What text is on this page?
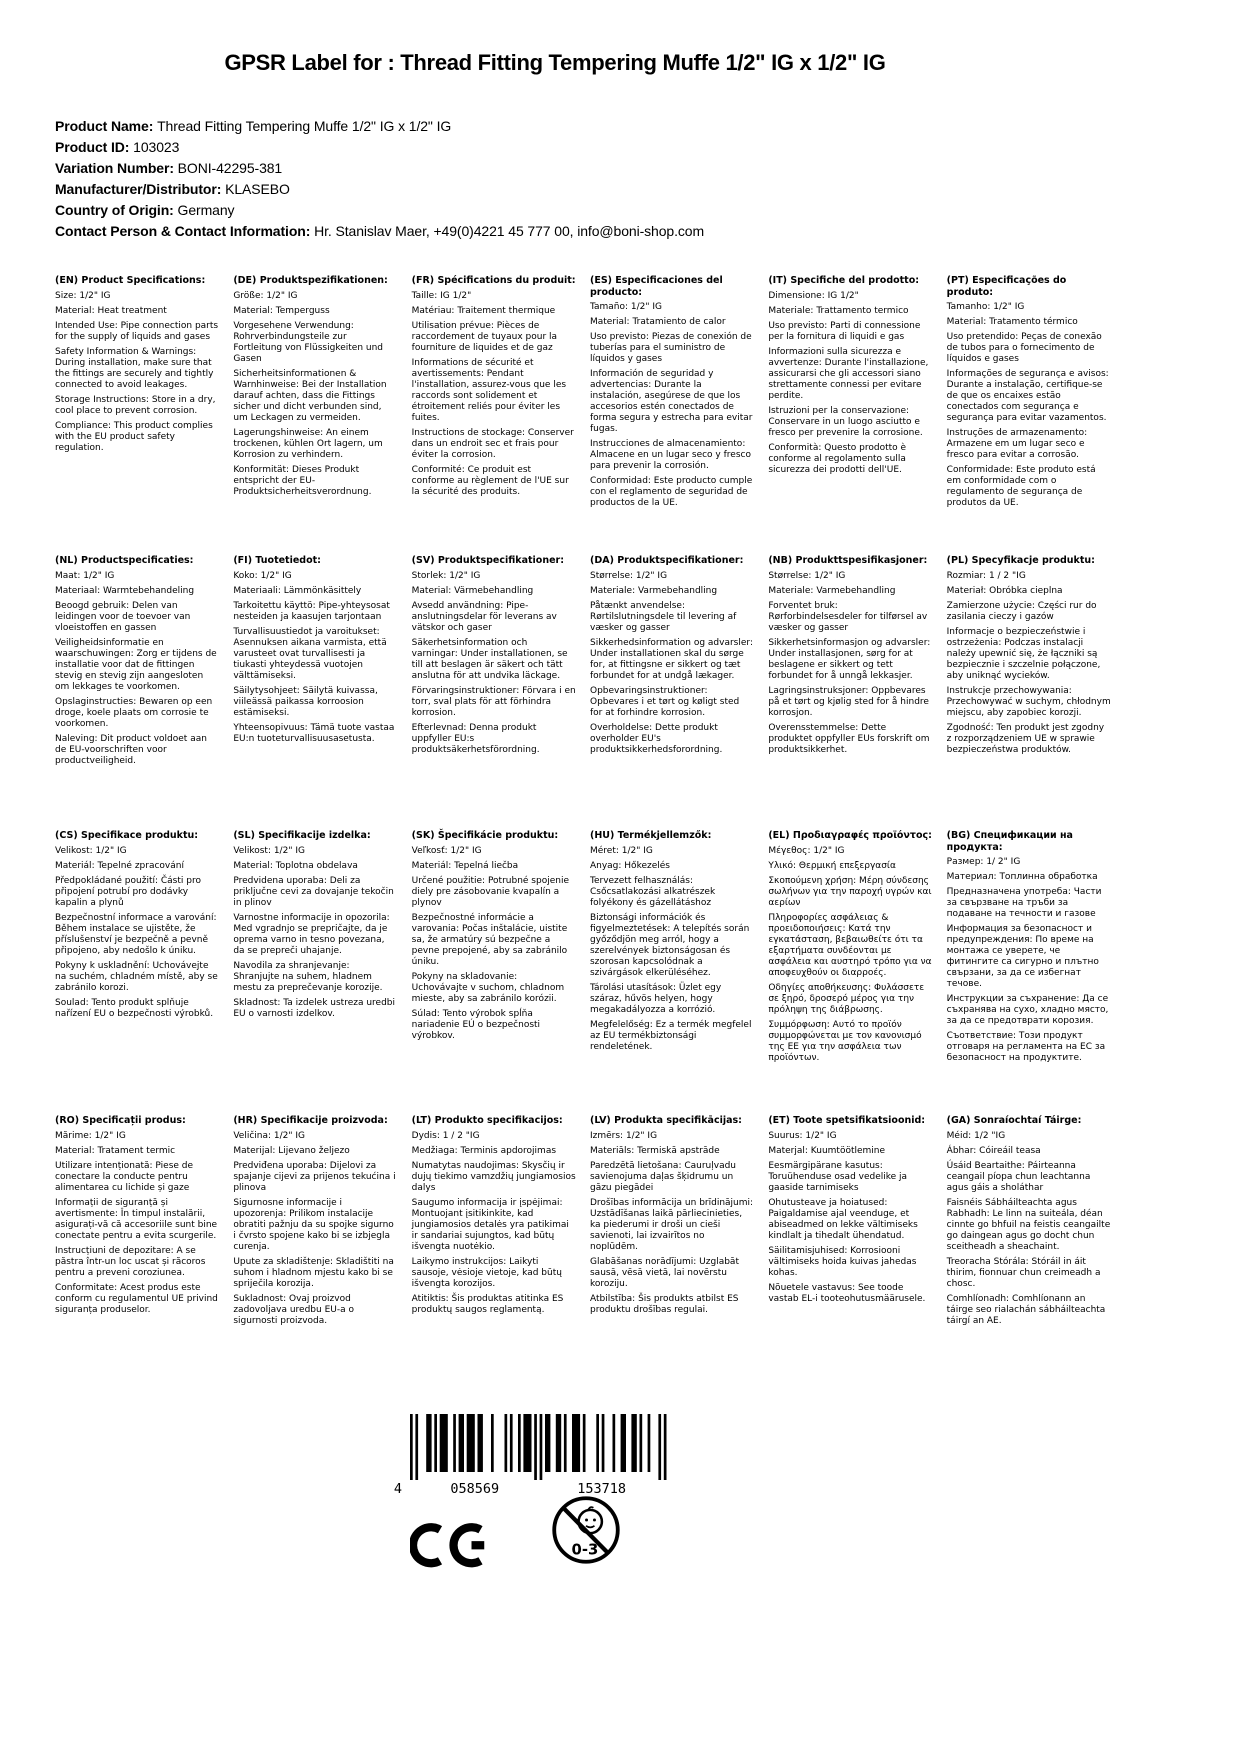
GPSR Label for : Thread Fitting Tempering Muffe 1/2" IG x 1/2" IG
Product Name: Thread Fitting Tempering Muffe 1/2" IG x 1/2" IG
Product ID: 103023
Variation Number: BONI-42295-381
Manufacturer/Distributor: KLASEBO
Country of Origin: Germany
Contact Person & Contact Information: Hr. Stanislav Maer, +49(0)4221 45 777 00, info@boni-shop.com
(EN) Product Specifications:
Size: 1/2" IG
Material: Heat treatment
Intended Use: Pipe connection parts for the supply of liquids and gases
Safety Information & Warnings: During installation, make sure that the fittings are securely and tightly connected to avoid leakages.
Storage Instructions: Store in a dry, cool place to prevent corrosion.
Compliance: This product complies with the EU product safety regulation.
(DE) Produktspezifikationen:
Größe: 1/2" IG
Material: Temperguss
Vorgesehene Verwendung: Rohrverbindungsteile zur Fortleitung von Flüssigkeiten und Gasen
Sicherheitsinformationen & Warnhinweise: Bei der Installation darauf achten, dass die Fittings sicher und dicht verbunden sind, um Leckagen zu vermeiden.
Lagerungshinweise: An einem trockenen, kühlen Ort lagern, um Korrosion zu verhindern.
Konformität: Dieses Produkt entspricht der EU-Produktsicherheitsverordnung.
(FR) Spécifications du produit:
Taille: IG 1/2"
Matériau: Traitement thermique
Utilisation prévue: Pièces de raccordement de tuyaux pour la fourniture de liquides et de gaz
Informations de sécurité et avertissements: Pendant l'installation, assurez-vous que les raccords sont solidement et étroitement reliés pour éviter les fuites.
Instructions de stockage: Conserver dans un endroit sec et frais pour éviter la corrosion.
Conformité: Ce produit est conforme au règlement de l'UE sur la sécurité des produits.
(ES) Especificaciones del producto:
Tamaño: 1/2" IG
Material: Tratamiento de calor
Uso previsto: Piezas de conexión de tuberías para el suministro de líquidos y gases
Información de seguridad y advertencias: Durante la instalación, asegúrese de que los accesorios estén conectados de forma segura y estrecha para evitar fugas.
Instrucciones de almacenamiento: Almacene en un lugar seco y fresco para prevenir la corrosión.
Conformidad: Este producto cumple con el reglamento de seguridad de productos de la UE.
(IT) Specifiche del prodotto:
Dimensione: IG 1/2"
Materiale: Trattamento termico
Uso previsto: Parti di connessione per la fornitura di liquidi e gas
Informazioni sulla sicurezza e avvertenze: Durante l'installazione, assicurarsi che gli accessori siano strettamente connessi per evitare perdite.
Istruzioni per la conservazione: Conservare in un luogo asciutto e fresco per prevenire la corrosione.
Conformità: Questo prodotto è conforme al regolamento sulla sicurezza dei prodotti dell'UE.
(PT) Especificações do produto:
Tamanho: 1/2" IG
Material: Tratamento térmico
Uso pretendido: Peças de conexão de tubos para o fornecimento de líquidos e gases
Informações de segurança e avisos: Durante a instalação, certifique-se de que os encaixes estão conectados com segurança e segurança para evitar vazamentos.
Instruções de armazenamento: Armazene em um lugar seco e fresco para evitar a corrosão.
Conformidade: Este produto está em conformidade com o regulamento de segurança de produtos da UE.
(NL) Productspecificaties:
Maat: 1/2" IG
Materiaal: Warmtebehandeling
Beoogd gebruik: Delen van leidingen voor de toevoer van vloeistoffen en gassen
Veiligheidsinformatie en waarschuwingen: Zorg er tijdens de installatie voor dat de fittingen stevig en stevig zijn aangesloten om lekkages te voorkomen.
Opslaginstructies: Bewaren op een droge, koele plaats om corrosie te voorkomen.
Naleving: Dit product voldoet aan de EU-voorschriften voor productveiligheid.
(FI) Tuotetiedot:
Koko: 1/2" IG
Materiaali: Lämmönkäsittely
Tarkoitettu käyttö: Pipe-yhteysosat nesteiden ja kaasujen tarjontaan
Turvallisuustiedot ja varoitukset: Asennuksen aikana varmista, että varusteet ovat turvallisesti ja tiukasti yhteydessä vuotojen välttämiseksi.
Säilytysohjeet: Säilytä kuivassa, viileässä paikassa korroosion estämiseksi.
Yhteensopivuus: Tämä tuote vastaa EU:n tuoteturvallisuusasetusta.
(SV) Produktspecifikationer:
Storlek: 1/2" IG
Material: Värmebehandling
Avsedd användning: Pipe-anslutningsdelar för leverans av vätskor och gaser
Säkerhetsinformation och varningar: Under installationen, se till att beslagen är säkert och tätt anslutna för att undvika läckage.
Förvaringsinstruktioner: Förvara i en torr, sval plats för att förhindra korrosion.
Efterlevnad: Denna produkt uppfyller EU:s produktsäkerhetsförordning.
(DA) Produktspecifikationer:
Størrelse: 1/2" IG
Materiale: Varmebehandling
Påtænkt anvendelse: Rørtilslutningsdele til levering af væsker og gasser
Sikkerhedsinformation og advarsler: Under installationen skal du sørge for, at fittingsne er sikkert og tæt forbundet for at undgå lækager.
Opbevaringsinstruktioner: Opbevares i et tørt og køligt sted for at forhindre korrosion.
Overholdelse: Dette produkt overholder EU's produktsikkerhedsforordning.
(NB) Produkttspesifikasjoner:
Størrelse: 1/2" IG
Materiale: Varmebehandling
Forventet bruk: Rørforbindelsesdeler for tilførsel av væsker og gasser
Sikkerhetsinformasjon og advarsler: Under installasjonen, sørg for at beslagene er sikkert og tett forbundet for å unngå lekkasjer.
Lagringsinstruksjoner: Oppbevares på et tørt og kjølig sted for å hindre korrosjon.
Overensstemmelse: Dette produktet oppfyller EUs forskrift om produktsikkerhet.
(PL) Specyfikacje produktu:
Rozmiar: 1 / 2 "IG
Materiał: Obróbka cieplna
Zamierzone użycie: Części rur do zasilania cieczy i gazów
Informacje o bezpieczeństwie i ostrzeżenia: Podczas instalacji należy upewnić się, że łączniki są bezpiecznie i szczelnie połączone, aby uniknąć wycieków.
Instrukcje przechowywania: Przechowywać w suchym, chłodnym miejscu, aby zapobiec korozji.
Zgodność: Ten produkt jest zgodny z rozporządzeniem UE w sprawie bezpieczeństwa produktów.
(CS) Specifikace produktu:
Velikost: 1/2" IG
Materiál: Tepelné zpracování
Předpokládané použití: Části pro připojení potrubí pro dodávky kapalin a plynů
Bezpečnostní informace a varování: Během instalace se ujistěte, že příslušenství je bezpečně a pevně připojeno, aby nedošlo k úniku.
Pokyny k uskladnění: Uchovávejte na suchém, chladném místě, aby se zabránilo korozi.
Soulad: Tento produkt splňuje nařízení EU o bezpečnosti výrobků.
(SL) Specifikacije izdelka:
Velikost: 1/2" IG
Material: Toplotna obdelava
Predvidena uporaba: Deli za priključne cevi za dovajanje tekočin in plinov
Varnostne informacije in opozorila: Med vgradnjo se prepričajte, da je oprema varno in tesno povezana, da se prepreči uhajanje.
Navodila za shranjevanje: Shranjujte na suhem, hladnem mestu za preprečevanje korozije.
Skladnost: Ta izdelek ustreza uredbi EU o varnosti izdelkov.
(SK) Špecifikácie produktu:
Veľkosť: 1/2" IG
Materiál: Tepelná liečba
Určené použitie: Potrubné spojenie diely pre zásobovanie kvapalín a plynov
Bezpečnostné informácie a varovania: Počas inštalácie, uistite sa, že armatúry sú bezpečne a pevne prepojené, aby sa zabránilo úniku.
Pokyny na skladovanie: Uchovávajte v suchom, chladnom mieste, aby sa zabránilo korózii.
Súlad: Tento výrobok spĺňa nariadenie EÚ o bezpečnosti výrobkov.
(HU) Termékjellemzők:
Méret: 1/2" IG
Anyag: Hőkezelés
Tervezett felhasználás: Csőcsatlakozási alkatrészek folyékony és gázellátáshoz
Biztonsági információk és figyelmeztetések: A telepítés során győződjön meg arról, hogy a szerelvények biztonságosan és szorosan kapcsolódnak a szivárgások elkerüléséhez.
Tárolási utasítások: Üzlet egy száraz, hűvös helyen, hogy megakadályozza a korrózió.
Megfelelőség: Ez a termék megfelel az EU termékbiztonsági rendeletének.
(EL) Προδιαγραφές προϊόντος:
Μέγεθος: 1/2" IG
Υλικό: Θερμική επεξεργασία
Σκοπούμενη χρήση: Μέρη σύνδεσης σωλήνων για την παροχή υγρών και αερίων
Πληροφορίες ασφάλειας & προειδοποιήσεις: Κατά την εγκατάσταση, βεβαιωθείτε ότι τα εξαρτήματα συνδέονται με ασφάλεια και αυστηρό τρόπο για να αποφευχθούν οι διαρροές.
Οδηγίες αποθήκευσης: Φυλάσσετε σε ξηρό, δροσερό μέρος για την πρόληψη της διάβρωσης.
Συμμόρφωση: Αυτό το προϊόν συμμορφώνεται με τον κανονισμό της ΕΕ για την ασφάλεια των προϊόντων.
(BG) Спецификации на продукта:
Размер: 1/ 2" IG
Материал: Топлинна обработка
Предназначена употреба: Части за свързване на тръби за подаване на течности и газове
Информация за безопасност и предупреждения: По време на монтажа се уверете, че фитингите са сигурно и плътно свързани, за да се избегнат течове.
Инструкции за съхранение: Да се съхранява на сухо, хладно място, за да се предотврати корозия.
Съответствие: Този продукт отговаря на регламента на ЕС за безопасност на продуктите.
(RO) Specificații produs:
Mărime: 1/2" IG
Material: Tratament termic
Utilizare intenționată: Piese de conectare la conducte pentru alimentarea cu lichide și gaze
Informații de siguranță și avertismente: În timpul instalării, asigurați-vă că accesoriile sunt bine conectate pentru a evita scurgerile.
Instrucțiuni de depozitare: A se păstra într-un loc uscat și răcoros pentru a preveni coroziunea.
Conformitate: Acest produs este conform cu regulamentul UE privind siguranța produselor.
(HR) Specifikacije proizvoda:
Veličina: 1/2" IG
Materijal: Lijevano željezo
Predviđena uporaba: Dijelovi za spajanje cijevi za prijenos tekućina i plinova
Sigurnosne informacije i upozorenja: Prilikom instalacije obratiti pažnju da su spojke sigurno i čvrsto spojene kako bi se izbjegla curenja.
Upute za skladištenje: Skladištiti na suhom i hladnom mjestu kako bi se spriječila korozija.
Sukladnost: Ovaj proizvod zadovoljava uredbu EU-a o sigurnosti proizvoda.
(LT) Produkto specifikacijos:
Dydis: 1 / 2 "IG
Medžiaga: Terminis apdorojimas
Numatytas naudojimas: Skysčių ir dujų tiekimo vamzdžių jungiamosios dalys
Saugumo informacija ir įspėjimai: Montuojant įsitikinkite, kad jungiamosios detalės yra patikimai ir sandariai sujungtos, kad būtų išvengta nuotėkio.
Laikymo instrukcijos: Laikyti sausoje, vėsioje vietoje, kad būtų išvengta korozijos.
Atitiktis: Šis produktas atitinka ES produktų saugos reglamentą.
(LV) Produkta specifikācijas:
Izmērs: 1/2" IG
Materiāls: Termiskā apstrāde
Paredzētā lietošana: Cauruļvadu savienojuma daļas šķidrumu un gāzu piegādei
Drošības informācija un brīdinājumi: Uzstādīšanas laikā pārliecinieties, ka piederumi ir droši un cieši savienoti, lai izvairītos no noplūdēm.
Glabāšanas norādījumi: Uzglabāt sausā, vēsā vietā, lai novērstu koroziju.
Atbilstība: Šis produkts atbilst ES produktu drošības regulai.
(ET) Toote spetsifikatsioonid:
Suurus: 1/2" IG
Materjal: Kuumtöötlemine
Eesmärgipärane kasutus: Toruühenduse osad vedelike ja gaaside tarnimiseks
Ohutusteave ja hoiatused: Paigaldamise ajal veenduge, et abiseadmed on lekke vältimiseks kindlalt ja tihedalt ühendatud.
Säilitamisjuhised: Korrosiooni vältimiseks hoida kuivas jahedas kohas.
Nõuetele vastavus: See toode vastab EL-i tooteohutusmäärusele.
(GA) Sonraíochtaí Táirge:
Méid: 1/2 "IG
Ábhar: Cóireáil teasa
Úsáid Beartaithe: Páirteanna ceangail píopa chun leachtanna agus gáis a sholáthar
Faisnéis Sábháilteachta agus Rabhadh: Le linn na suiteála, déan cinnte go bhfuil na feistis ceangailte go daingean agus go docht chun sceitheadh a sheachaint.
Treoracha Stórála: Stóráil in áit thirim, fionnuar chun creimeadh a chosc.
Comhlíonadh: Comhlíonann an táirge seo rialachán sábháilteachta táirgí an AE.
4	058569	153718
0-3
